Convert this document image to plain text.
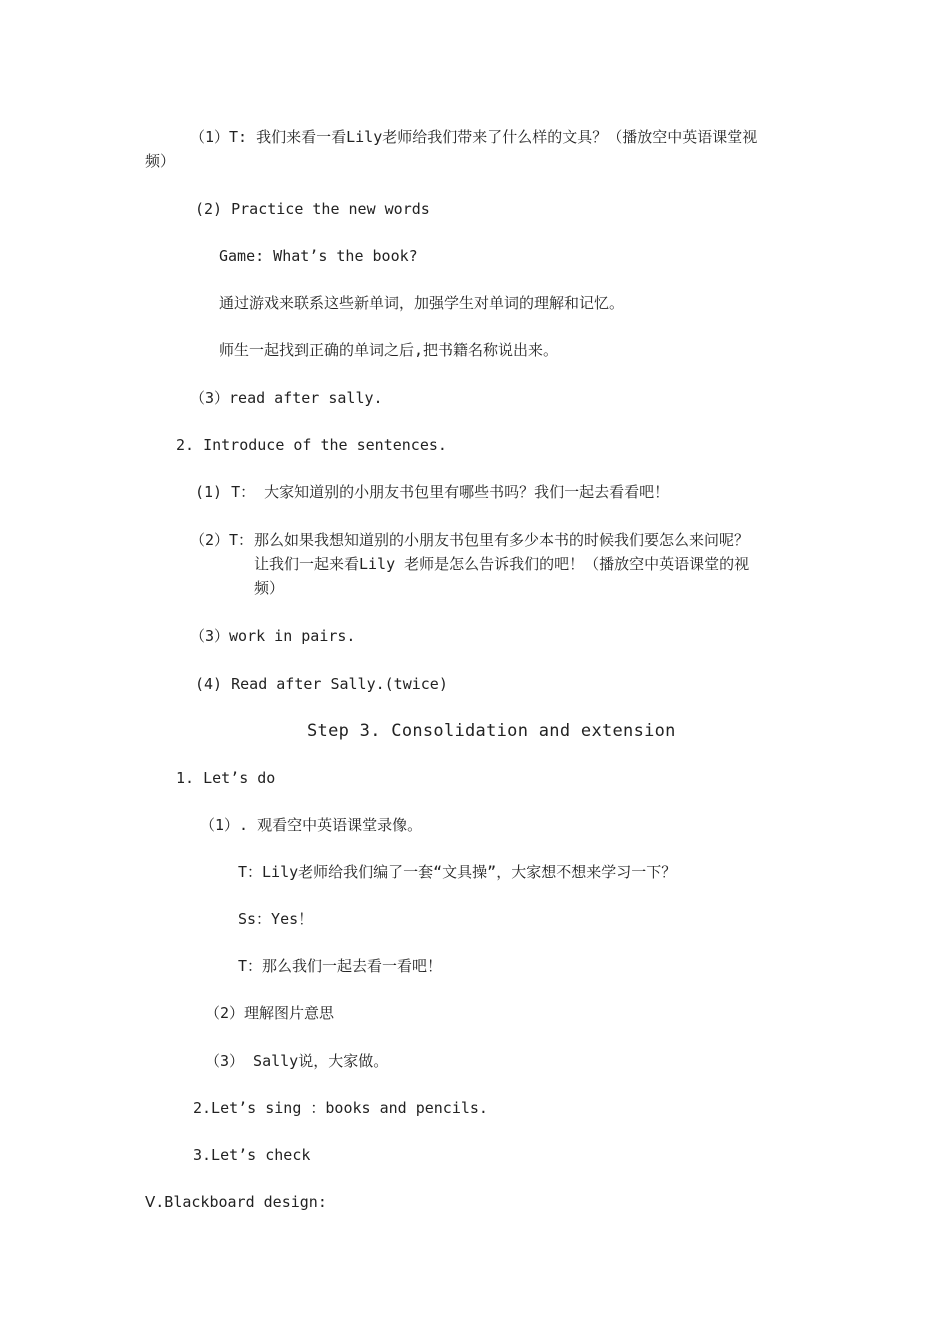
（1）T: 我们来看一看Lily老师给我们带来了什么样的文具？（播放空中英语课堂视
频）
(2) Practice the new words
Game: What’s the book?
通过游戏来联系这些新单词，加强学生对单词的理解和记忆。
师生一起找到正确的单词之后,把书籍名称说出来。
（3）read after sally.
2. Introduce of the sentences.
(1) T： 大家知道别的小朋友书包里有哪些书吗？我们一起去看看吧！
（2）T： 那么如果我想知道别的小朋友书包里有多少本书的时候我们要怎么来问呢？
让我们一起来看Lily 老师是怎么告诉我们的吧！（播放空中英语课堂的视
频）
（3）work in pairs.
(4) Read after Sally.(twice)
Step 3. Consolidation and extension
1. Let’s do
（1）. 观看空中英语课堂录像。
T：Lily老师给我们编了一套“文具操”，大家想不想来学习一下？
Ss：Yes！
T：那么我们一起去看一看吧！
（2）理解图片意思
（3） Sally说，大家做。
2.Let’s sing ：books and pencils.
3.Let’s check
Ⅴ.Blackboard design:
